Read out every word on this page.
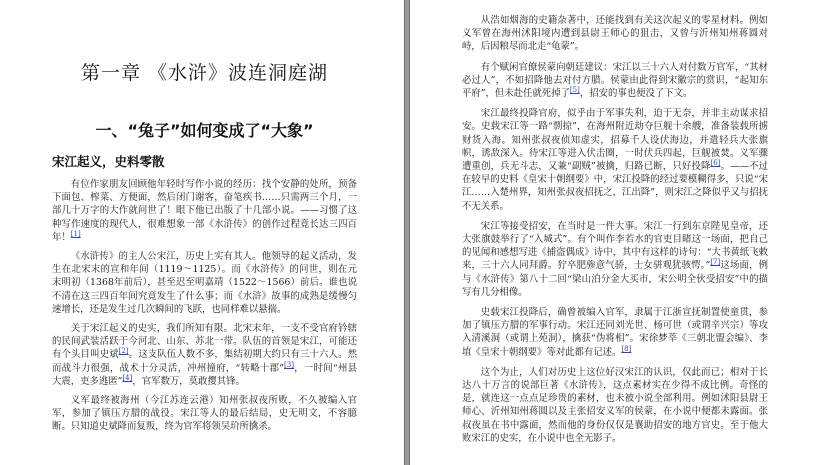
第一章 《水浒》波连洞庭湖
一、“兔子”如何变成了“大象”
宋江起义，史料零散

有位作家朋友回顾他年轻时写作小说的经历：找个安静的处所，预备下面包、榨菜、方便面，然后闭门谢客，奋笔疾书……只需两三个月，一部几十万字的大作就问世了！眼下他已出版了十几部小说。——习惯了这种写作速度的现代人，很难想象一部《水浒传》的创作过程竟长达三四百年！[1]

《水浒传》的主人公宋江，历史上实有其人。他领导的起义活动，发生在北宋末的宣和年间（1119～1125）。而《水浒传》的问世，则在元末明初（1368年前后），甚至迟至明嘉靖（1522～1566）前后。谁也说不清在这三四百年间究竟发生了什么事；而《水浒》故事的成熟是缓慢匀速增长，还是发生过几次瞬间的飞跃，也同样难以悬揣。

关于宋江起义的史实，我们所知有限。北宋末年，一支不受官府钤辖的民间武装活跃于今河北、山东、苏北一带。队伍的首领是宋江，可能还有个头目叫史斌[2]。这支队伍人数不多，集结初期大约只有三十六人。然而战斗力很强，战术十分灵活，冲州撞府，“转略十郡”[3]，一时间“州县大震，吏多逃匿”[4]，官军数万，莫敢撄其锋。

义军最终被海州（今江苏连云港）知州张叔夜所败，不久被编入官军，参加了镇压方腊的战役。宋江等人的最后结局，史无明文，不容臆断。只知道史斌降而复叛，终为官军将领吴玠所擒杀。

从浩如烟海的史籍杂著中，还能找到有关这次起义的零星材料。例如义军曾在海州沭阳境内遭到县尉王师心的狙击，又曾与沂州知州蒋圆对峙，后因粮尽而北走“龟蒙”。

有个赋闲官僚侯蒙向朝廷建议：宋江以三十六人对付数万官军，“其材必过人”，不如招降他去对付方腊。侯蒙由此得到宋徽宗的赏识，“起知东平府”，但未赴任就死掉了[5]，招安的事也便没了下文。

宋江最终投降官府，似乎由于军事失利，迫于无奈，并非主动谋求招安。史载宋江等一路“剽掠”，在海州附近劫夺巨舰十余艘，准备装载所掳财货入海。知州张叔夜侦知虚实，招募千人设伏海边，并遣轻兵大张旗帜，诱敌深入。待宋江等进入伏击圈，一时伏兵四起，巨舰被焚。义军骤遭重创，兵无斗志，又兼“副贼”被擒，归路已断，只好投降[6]。——不过在较早的史料《皇宋十朝纲要》中，宋江投降的经过要模糊得多，只说“宋江……入楚州界，知州张叔夜招抚之，江出降”，则宋江之降似乎又与招抚不无关系。

宋江等接受招安，在当时是一件大事。宋江一行到东京陛见皇帝，还大张旗鼓举行了“入城式”。有个叫作李若水的官吏目睹这一场面，把自己的见闻和感想写进《捕盗偶成》诗中，其中有这样的诗句：“大书黄纸飞敕来，三十六人同拜爵。狞卒肥骖意气骄，士女骈观犹骇愕。”[7]这场面，例与《水浒传》第八十二回“梁山泊分金大买市，宋公明全伙受招安”中的描写有几分相像。

史载宋江投降后，确曾被编入官军，隶属于江浙宣抚制置使童贯，参加了镇压方腊的军事行动。宋江还同刘光世、杨可世（或谓辛兴宗）等攻入清溪洞（或谓上苑洞），擒获“伪将相”。宋徐梦莘《三朝北盟会编》、李埴《皇宋十朝纲要》等对此都有记述。[8]

这个为止，人们对历史上这位好汉宋江的认识，仅此而已；相对于长达八十万言的说部巨著《水浒传》，这点素材实在少得不成比例。奇怪的是，就连这一点点足珍贵的素材，也未被小说全部利用。例如沭阳县尉王师心、沂州知州蒋圆以及主张招安义军的侯蒙，在小说中便都未露面。张叔夜虽在书中露面，然而他的身份仅仅是襄助招安的地方官史。至于他大败宋江的史实，在小说中也全无影子。
